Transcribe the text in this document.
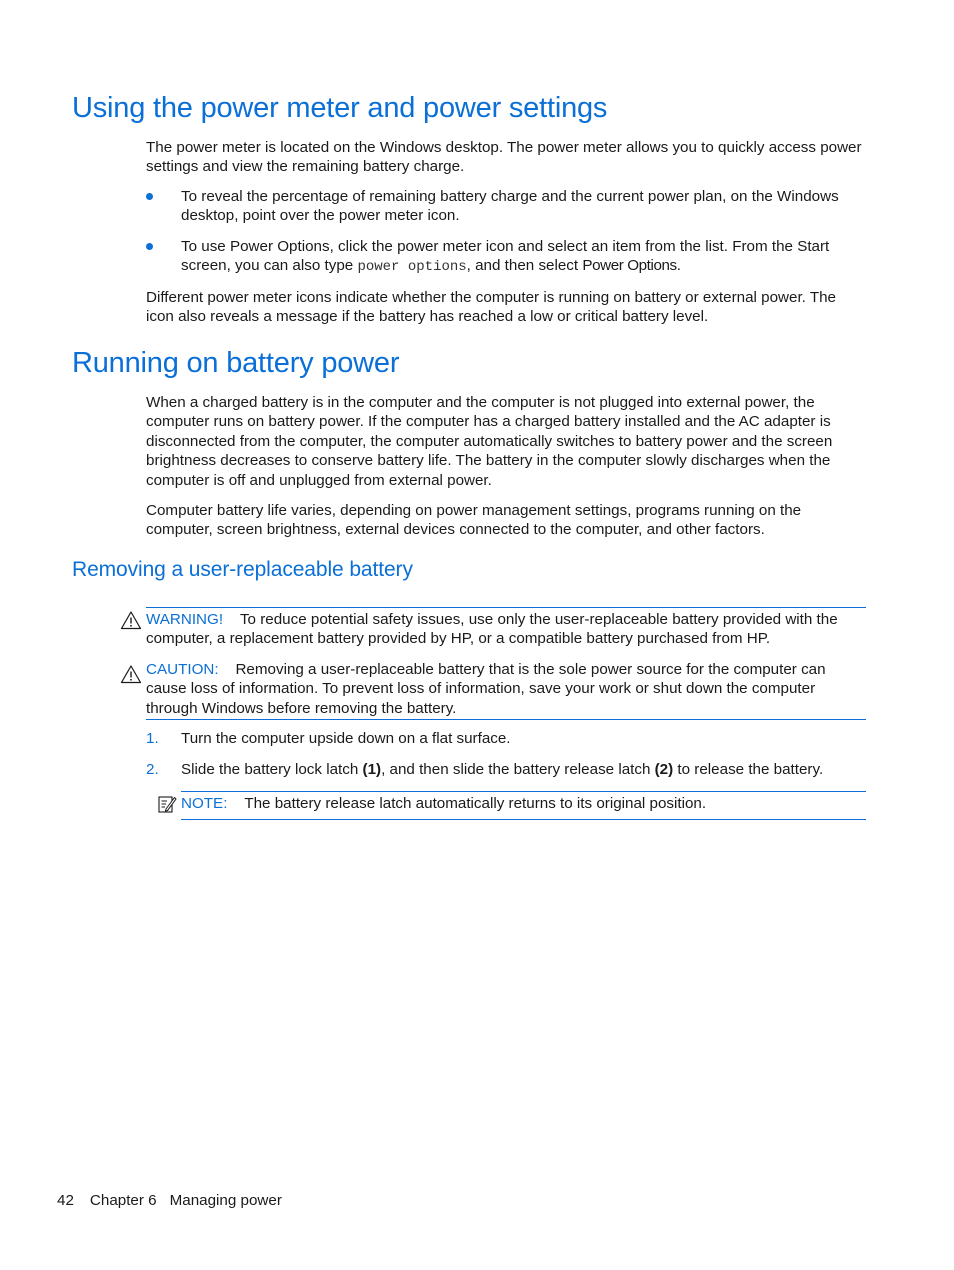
Using the power meter and power settings

The power meter is located on the Windows desktop. The power meter allows you to quickly access power settings and view the remaining battery charge.

To reveal the percentage of remaining battery charge and the current power plan, on the Windows desktop, point over the power meter icon.
To use Power Options, click the power meter icon and select an item from the list. From the Start screen, you can also type power options, and then select Power Options.

Different power meter icons indicate whether the computer is running on battery or external power. The icon also reveals a message if the battery has reached a low or critical battery level.

Running on battery power

When a charged battery is in the computer and the computer is not plugged into external power, the computer runs on battery power. If the computer has a charged battery installed and the AC adapter is disconnected from the computer, the computer automatically switches to battery power and the screen brightness decreases to conserve battery life. The battery in the computer slowly discharges when the computer is off and unplugged from external power.

Computer battery life varies, depending on power management settings, programs running on the computer, screen brightness, external devices connected to the computer, and other factors.

Removing a user-replaceable battery
WARNING! To reduce potential safety issues, use only the user-replaceable battery provided with the computer, a replacement battery provided by HP, or a compatible battery purchased from HP.
CAUTION: Removing a user-replaceable battery that is the sole power source for the computer can cause loss of information. To prevent loss of information, save your work or shut down the computer through Windows before removing the battery.
1. Turn the computer upside down on a flat surface.
2. Slide the battery lock latch (1), and then slide the battery release latch (2) to release the battery.
NOTE: The battery release latch automatically returns to its original position.
42 Chapter 6 Managing power
